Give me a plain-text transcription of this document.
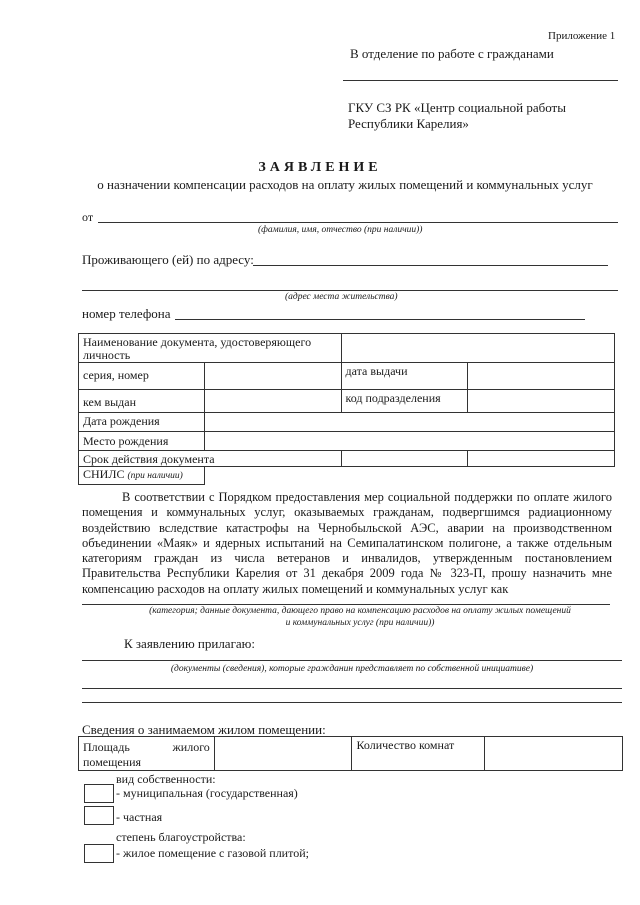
Приложение 1
В отделение по работе с гражданами
ГКУ СЗ РК «Центр социальной работы
Республики Карелия»
ЗАЯВЛЕНИЕ
о назначении компенсации расходов на оплату жилых помещений и коммунальных услуг
от
(фамилия, имя, отчество (при наличии))
Проживающего (ей) по адресу:
(адрес места жительства)
номер телефона
Наименование документа, удостоверяющего личность			
серия, номер		дата выдачи	
кем выдан		код подразделения	
Дата рождения			
Место рождения			
Срок действия документа			
СНИЛС (при наличии)			
В соответствии с Порядком предоставления мер социальной поддержки по оплате жилого помещения и коммунальных услуг, оказываемых гражданам, подвергшимся радиационному воздействию вследствие катастрофы на Чернобыльской АЭС, аварии на производственном объединении «Маяк» и ядерных испытаний на Семипалатинском полигоне, а также отдельным категориям граждан из числа ветеранов и инвалидов, утвержденным постановлением Правительства Республики Карелия от 31 декабря 2009 года № 323-П, прошу назначить мне компенсацию расходов на оплату жилых помещений и коммунальных услуг как
(категория; данные документа, дающего право на компенсацию расходов на оплату жилых помещений
и коммунальных услуг (при наличии))
К заявлению прилагаю:
(документы (сведения), которые гражданин представляет по собственной инициативе)
Сведения о занимаемом жилом помещении:
Площадь жилого помещения		Количество комнат	
вид собственности:
- муниципальная (государственная)
- частная
степень благоустройства:
- жилое помещение с газовой плитой;
